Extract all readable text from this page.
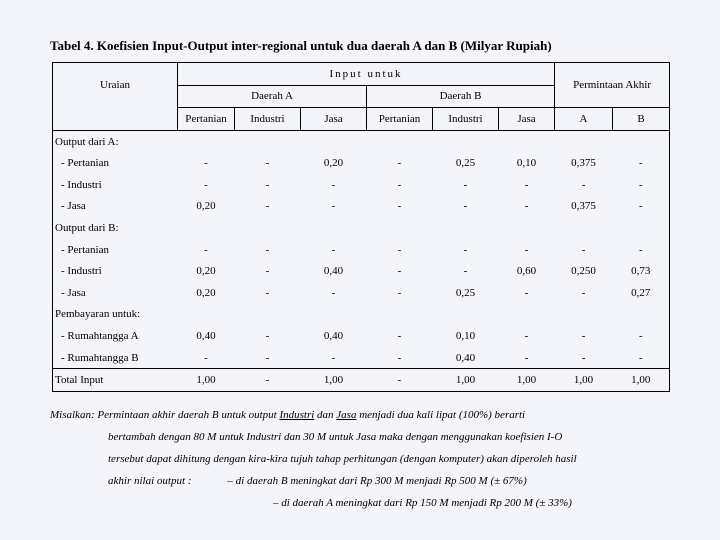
Tabel 4. Koefisien Input-Output inter-regional untuk dua daerah A dan B (Milyar Rupiah)
Uraian	Input untuk						Permintaan Akhir	
	Daerah A			Daerah B				
	Pertanian	Industri	Jasa	Pertanian	Industri	Jasa	A	B
Output dari A:								
- Pertanian	-	-	0,20	-	0,25	0,10	0,375	-
- Industri	-	-	-	-	-	-	-	-
- Jasa	0,20	-	-	-	-	-	0,375	-
Output dari B:								
- Pertanian	-	-	-	-	-	-	-	-
- Industri	0,20	-	0,40	-	-	0,60	0,250	0,73
- Jasa	0,20	-	-	-	0,25	-	-	0,27
Pembayaran untuk:								
- Rumahtangga A	0,40	-	0,40	-	0,10	-	-	-
- Rumahtangga B	-	-	-	-	0,40	-	-	-
Total Input	1,00	-	1,00	-	1,00	1,00	1,00	1,00
Misalkan: Permintaan akhir daerah B untuk output Industri dan Jasa menjadi dua kali lipat (100%) berarti
bertambah dengan 80 M untuk Industri dan 30 M untuk Jasa maka dengan menggunakan koefisien I-O
tersebut dapat dihitung dengan kira-kira tujuh tahap perhitungan (dengan komputer) akan diperoleh hasil
akhir nilai output :	– di daerah B meningkat dari Rp 300 M menjadi Rp 500 M (± 67%)
– di daerah A meningkat dari Rp 150 M menjadi Rp 200 M (± 33%)
